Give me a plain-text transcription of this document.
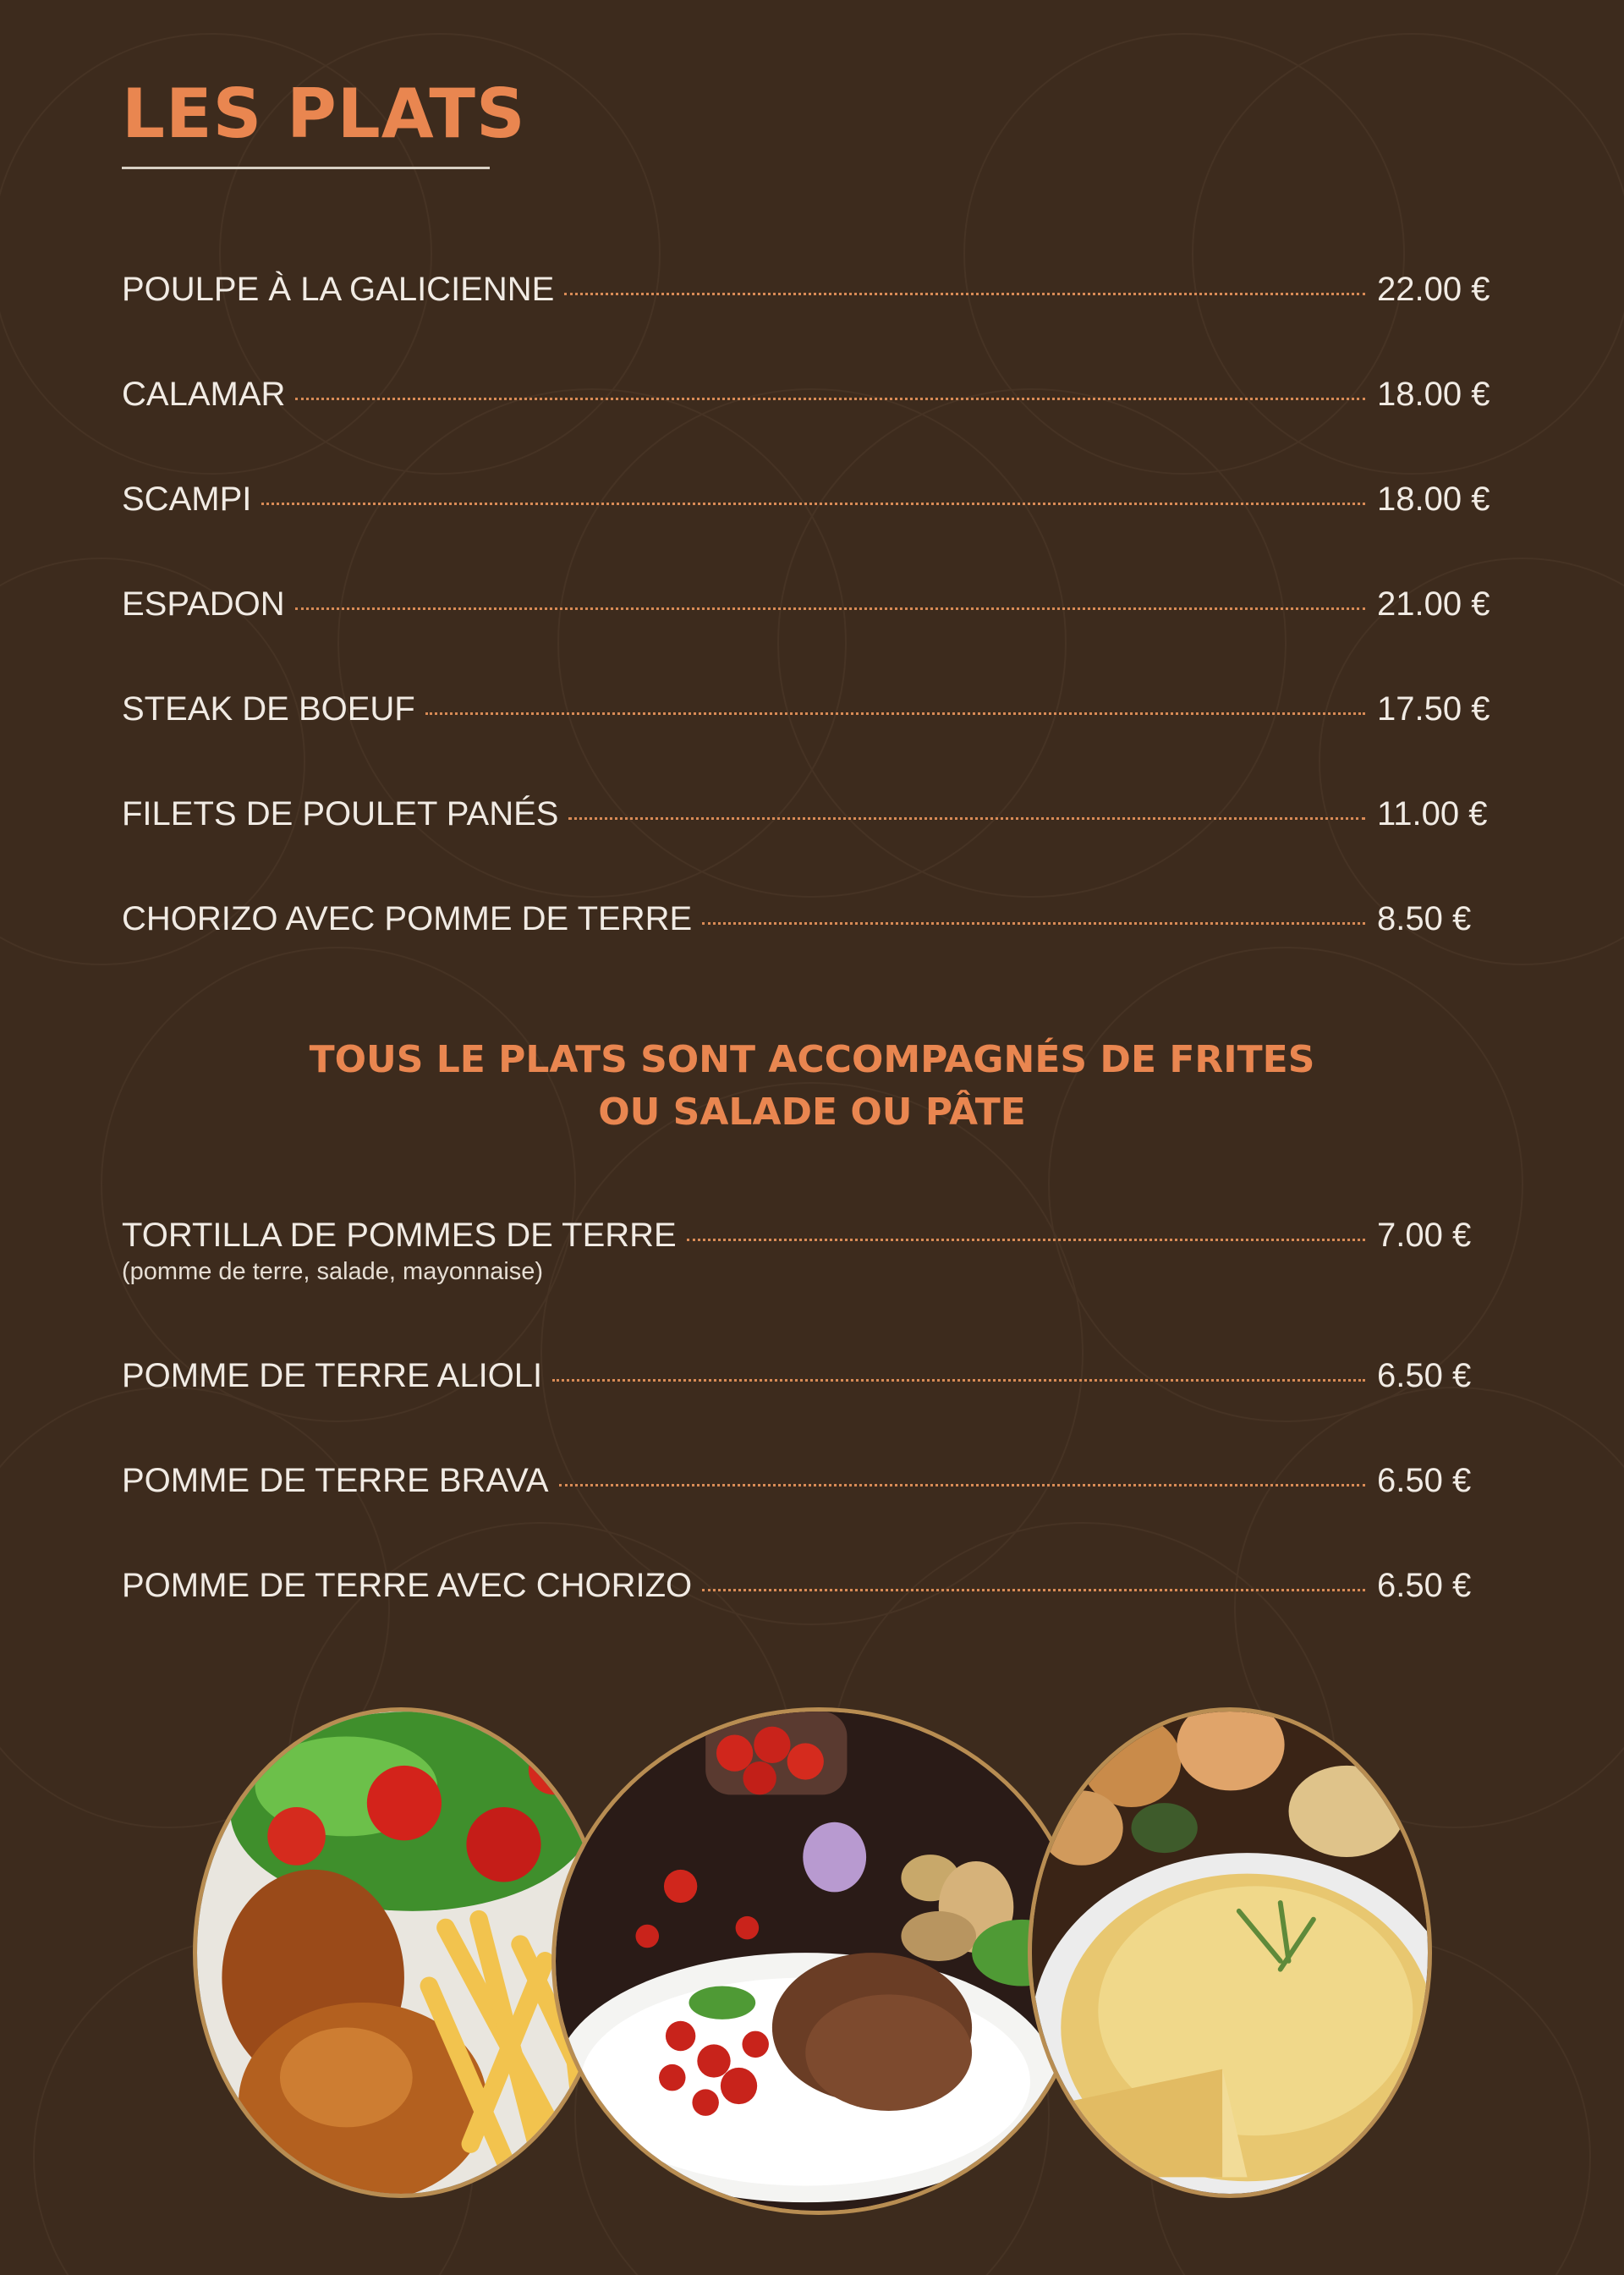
LES PLATS
POULPE À LA GALICIENNE	22.00 €
CALAMAR	18.00 €
SCAMPI	18.00 €
ESPADON	21.00 €
STEAK DE BOEUF	17.50 €
FILETS DE POULET PANÉS	11.00 €
CHORIZO AVEC POMME DE TERRE	8.50 €
TORTILLA DE POMMES DE TERRE	7.00 €
(pomme de terre, salade, mayonnaise)
POMME DE TERRE ALIOLI	6.50 €
POMME DE TERRE BRAVA	6.50 €
POMME DE TERRE AVEC CHORIZO	6.50 €
TOUS LE PLATS SONT ACCOMPAGNÉS DE FRITES
OU SALADE OU PÂTE
